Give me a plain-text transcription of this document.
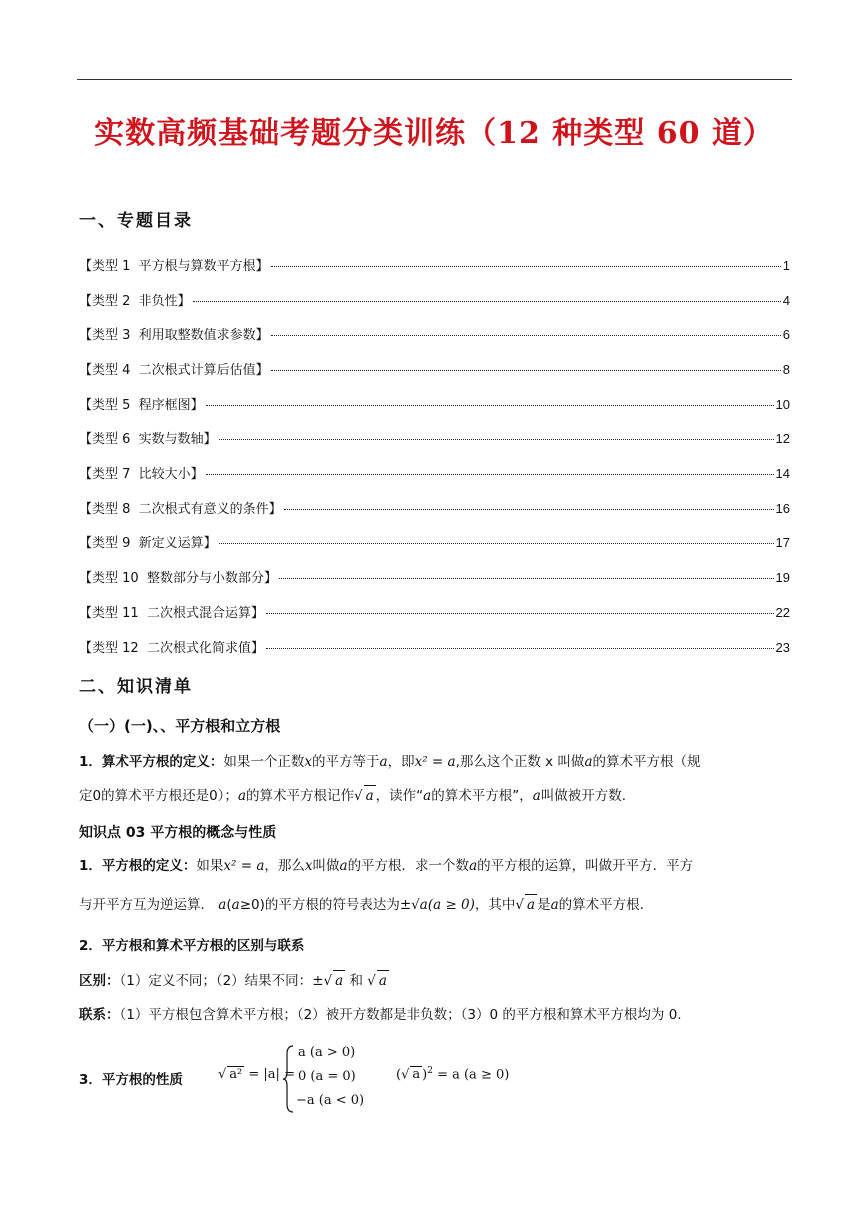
实数高频基础考题分类训练（12 种类型 60 道）
一、专题目录
【类型 1  平方根与算数平方根】	1
【类型 2  非负性】	4
【类型 3  利用取整数值求参数】	6
【类型 4  二次根式计算后估值】	8
【类型 5  程序框图】	10
【类型 6  实数与数轴】	12
【类型 7  比较大小】	14
【类型 8  二次根式有意义的条件】	16
【类型 9  新定义运算】	17
【类型 10  整数部分与小数部分】	19
【类型 11  二次根式混合运算】	22
【类型 12  二次根式化简求值】	23
二、知识清单
（一）(一)、、平方根和立方根
1．算术平方根的定义：如果一个正数x的平方等于a，即x² = a,那么这个正数 x 叫做a的算术平方根（规
定0的算术平方根还是0）；a的算术平方根记作√ a ，读作“a的算术平方根”，a叫做被开方数.
知识点 03 平方根的概念与性质
1．平方根的定义：如果x² = a，那么x叫做a的平方根．求一个数a的平方根的运算，叫做开平方．平方
与开平方互为逆运算． a(a≥0)的平方根的符号表达为±√a(a ≥ 0)，其中√ a 是a的算术平方根.
2．平方根和算术平方根的区别与联系
区别：（1）定义不同；（2）结果不同：±√ a 和 √ a
联系：（1）平方根包含算术平方根；（2）被开方数都是非负数；（3）0 的平方根和算术平方根均为 0.
3．平方根的性质	√ a² = |a| =
a (a > 0)
0 (a = 0)
−a (a < 0)
(√ a )$^2$ = a (a ≥ 0)
